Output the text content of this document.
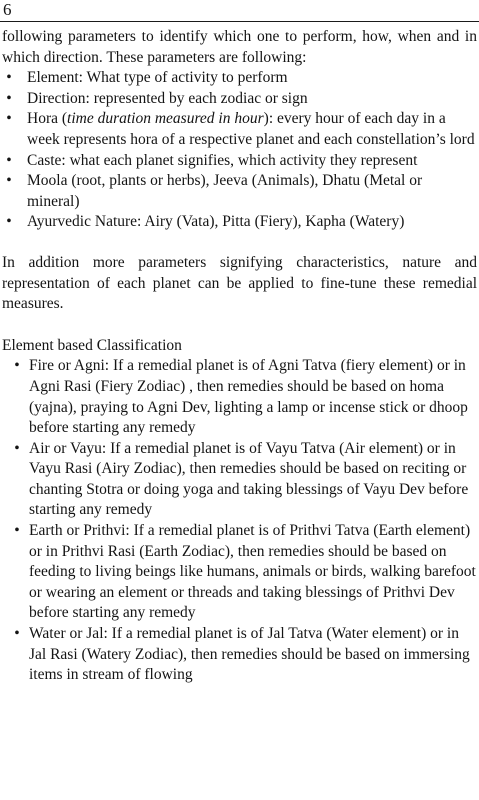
6

following parameters to identify which one to perform, how, when and in which direction. These parameters are following:

• Element: What type of activity to perform
• Direction: represented by each zodiac or sign
• Hora (time duration measured in hour): every hour of each day in a week represents hora of a respective planet and each constellation’s lord
• Caste: what each planet signifies, which activity they represent
• Moola (root, plants or herbs), Jeeva (Animals), Dhatu (Metal or mineral)
• Ayurvedic Nature: Airy (Vata), Pitta (Fiery), Kapha (Watery)

In addition more parameters signifying characteristics, nature and representation of each planet can be applied to fine-tune these remedial measures.

Element based Classification
• Fire or Agni: If a remedial planet is of Agni Tatva (fiery element) or in Agni Rasi (Fiery Zodiac) , then remedies should be based on homa (yajna), praying to Agni Dev, lighting a lamp or incense stick or dhoop before starting any remedy
• Air or Vayu: If a remedial planet is of Vayu Tatva (Air element) or in Vayu Rasi (Airy Zodiac), then remedies should be based on reciting or chanting Stotra or doing yoga and taking blessings of Vayu Dev before starting any remedy
• Earth or Prithvi: If a remedial planet is of Prithvi Tatva (Earth element) or in Prithvi Rasi (Earth Zodiac), then remedies should be based on feeding to living beings like humans, animals or birds, walking barefoot or wearing an element or threads and taking blessings of Prithvi Dev before starting any remedy
• Water or Jal: If a remedial planet is of Jal Tatva (Water element) or in Jal Rasi (Watery Zodiac), then remedies should be based on immersing items in stream of flowing
